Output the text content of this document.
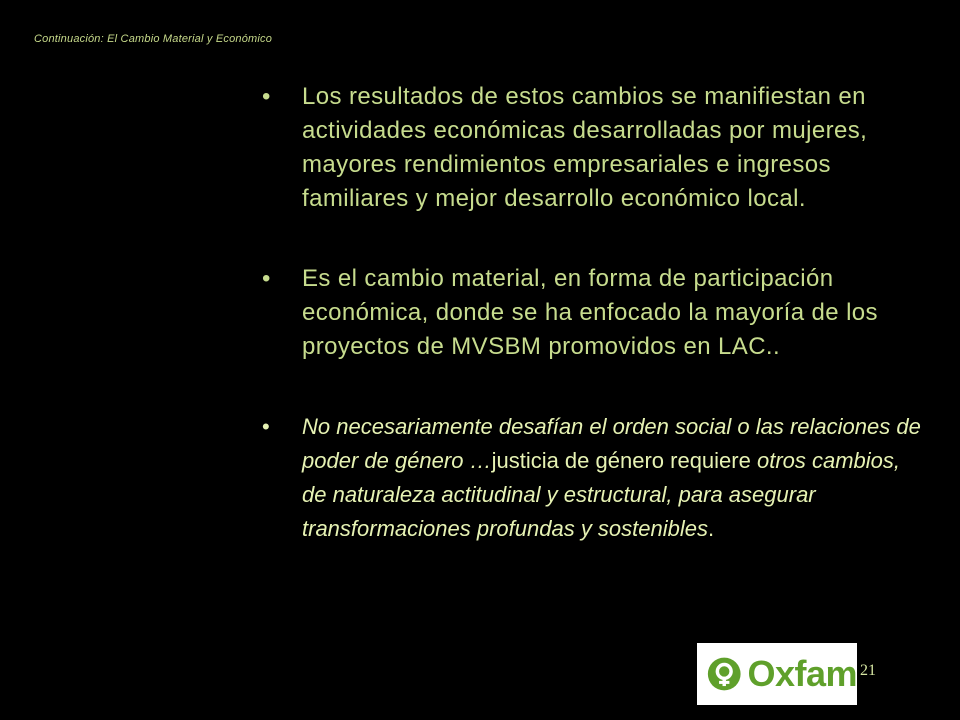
Continuación: El Cambio Material y Económico
• Los resultados de estos cambios se manifiestan en actividades económicas desarrolladas por mujeres, mayores rendimientos empresariales e ingresos familiares y mejor desarrollo económico local.
• Es el cambio material, en forma de participación económica, donde se ha enfocado la mayoría de los proyectos de MVSBM promovidos en LAC..
• No necesariamente desafían el orden social o las relaciones de poder de género …justicia de género requiere otros cambios, de naturaleza actitudinal y estructural, para asegurar transformaciones profundas y sostenibles.
Oxfam 21
